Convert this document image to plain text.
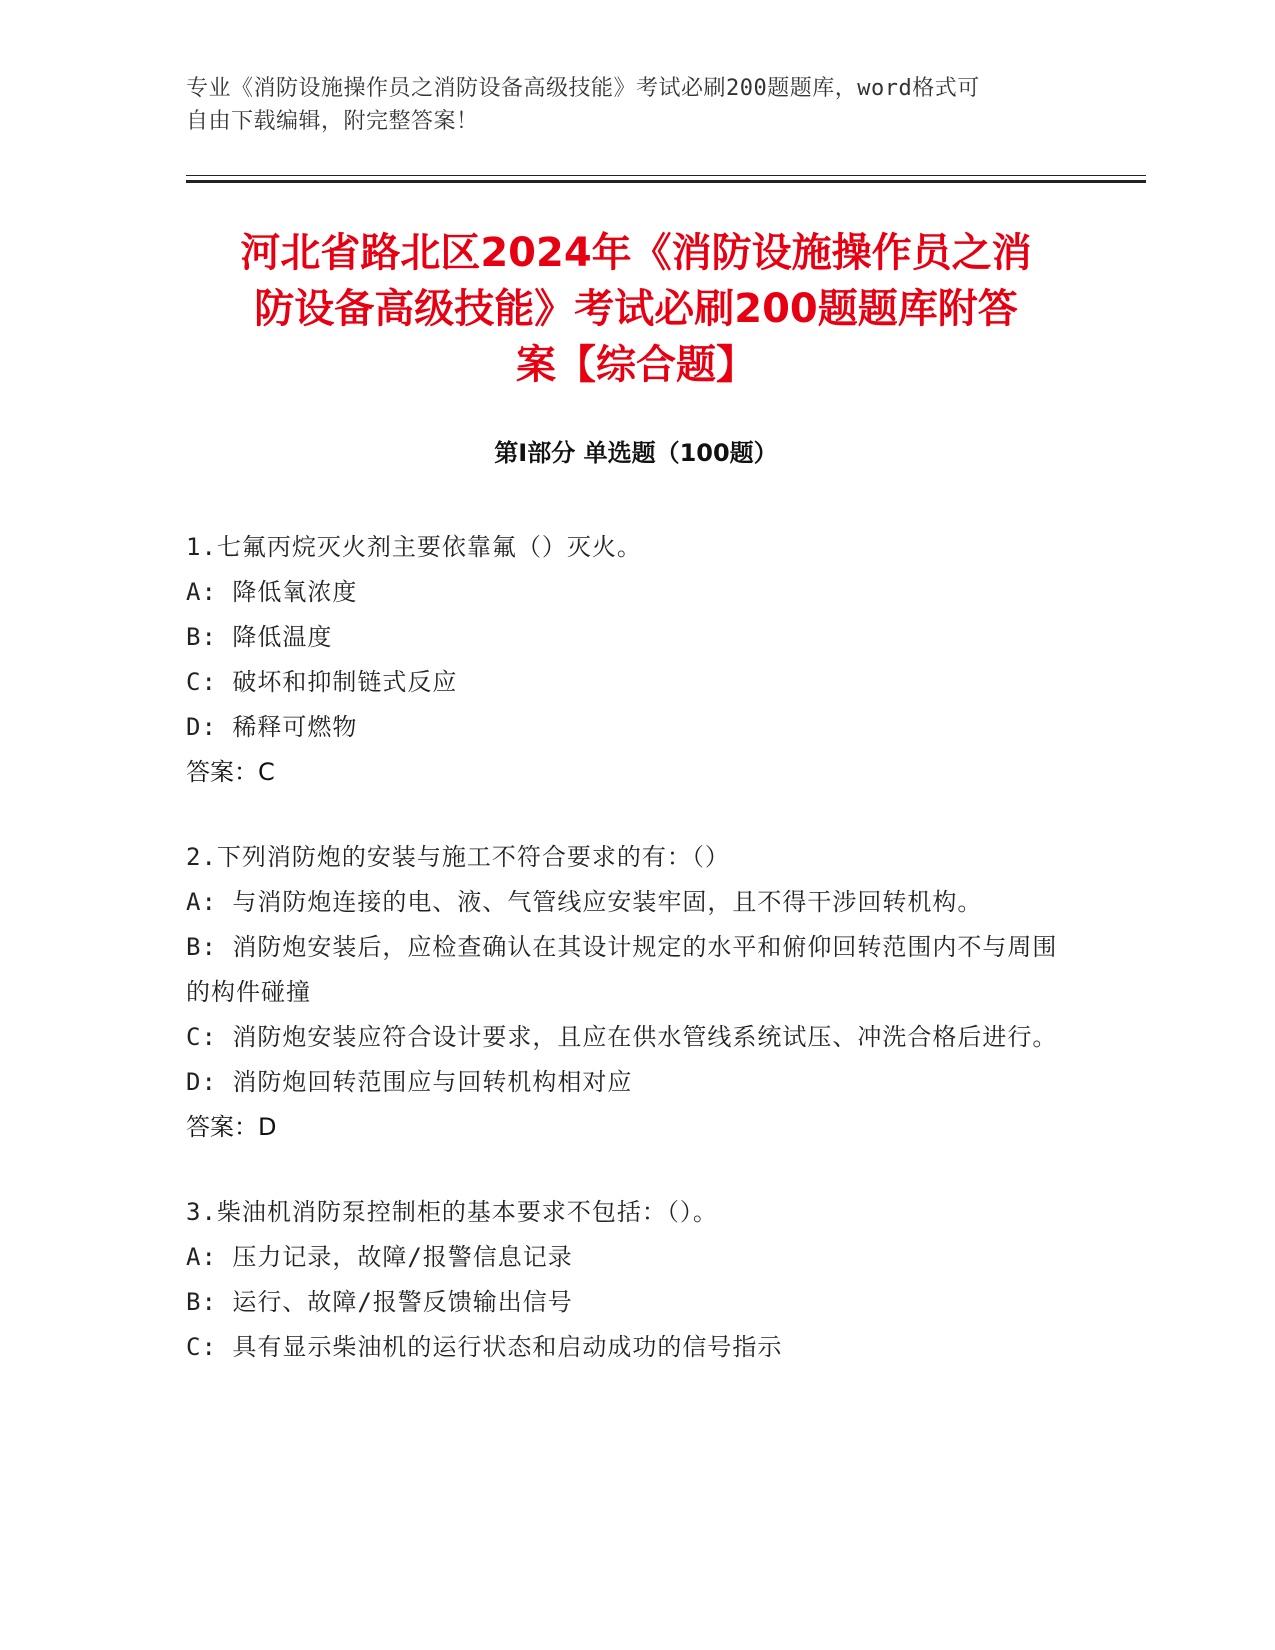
专业《消防设施操作员之消防设备高级技能》考试必刷200题题库，word格式可
自由下载编辑，附完整答案！
河北省路北区2024年《消防设施操作员之消
防设备高级技能》考试必刷200题题库附答
案【综合题】
第Ⅰ部分 单选题（100题）

1.七氟丙烷灭火剂主要依靠氟（）灭火。

A: 降低氧浓度

B: 降低温度

C: 破坏和抑制链式反应

D: 稀释可燃物

答案：C

2.下列消防炮的安装与施工不符合要求的有：（）

A: 与消防炮连接的电、液、气管线应安装牢固，且不得干涉回转机构。

B: 消防炮安装后，应检查确认在其设计规定的水平和俯仰回转范围内不与周围的构件碰撞

C: 消防炮安装应符合设计要求，且应在供水管线系统试压、冲洗合格后进行。

D: 消防炮回转范围应与回转机构相对应

答案：D

3.柴油机消防泵控制柜的基本要求不包括：（）。

A: 压力记录，故障/报警信息记录

B: 运行、故障/报警反馈输出信号

C: 具有显示柴油机的运行状态和启动成功的信号指示
